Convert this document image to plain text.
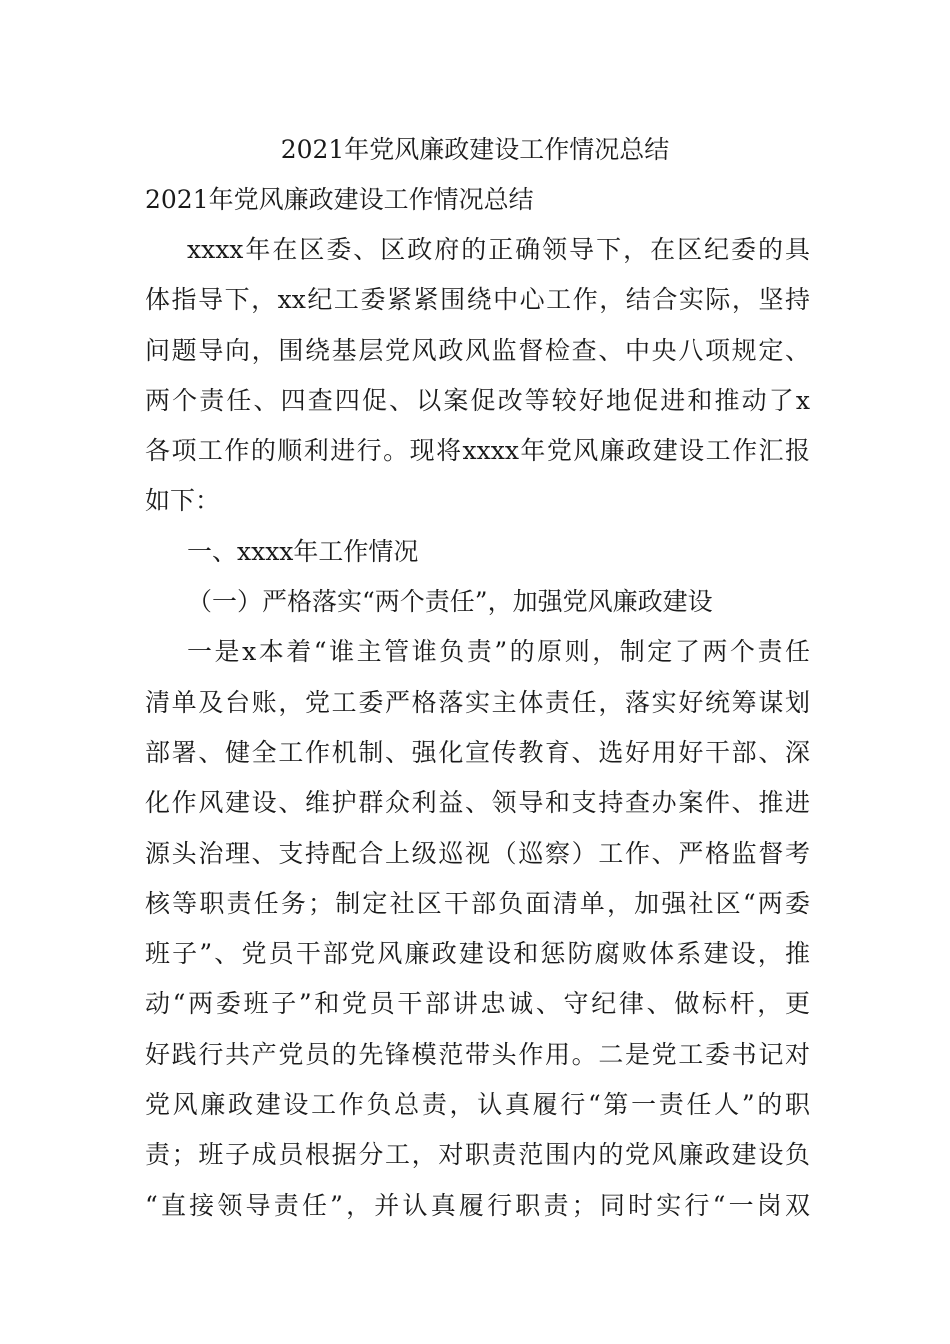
2021年党风廉政建设工作情况总结
2021年党风廉政建设工作情况总结
xxxx年在区委、区政府的正确领导下，在区纪委的具
体指导下，xx纪工委紧紧围绕中心工作，结合实际，坚持
问题导向，围绕基层党风政风监督检查、中央八项规定、
两个责任、四查四促、以案促改等较好地促进和推动了x
各项工作的顺利进行。现将xxxx年党风廉政建设工作汇报
如下：
一、xxxx年工作情况
（一）严格落实“两个责任”，加强党风廉政建设
一是x本着“谁主管谁负责”的原则，制定了两个责任
清单及台账，党工委严格落实主体责任，落实好统筹谋划
部署、健全工作机制、强化宣传教育、选好用好干部、深
化作风建设、维护群众利益、领导和支持查办案件、推进
源头治理、支持配合上级巡视（巡察）工作、严格监督考
核等职责任务；制定社区干部负面清单，加强社区“两委
班子”、党员干部党风廉政建设和惩防腐败体系建设，推
动“两委班子”和党员干部讲忠诚、守纪律、做标杆，更
好践行共产党员的先锋模范带头作用。二是党工委书记对
党风廉政建设工作负总责，认真履行“第一责任人”的职
责；班子成员根据分工，对职责范围内的党风廉政建设负
“直接领导责任”，并认真履行职责；同时实行“一岗双
